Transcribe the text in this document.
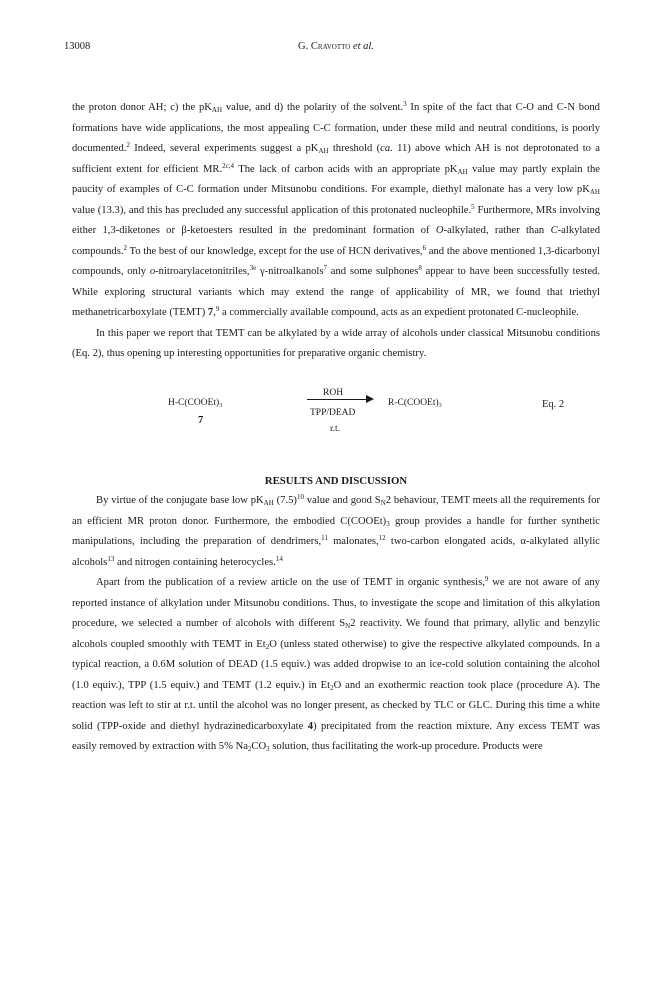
13008	G. Cravotto et al.

the proton donor AH; c) the $pK_{AH}$ value, and d) the polarity of the solvent.$^3$ In spite of the fact that C-O and C-N bond formations have wide applications, the most appealing C-C formation, under these mild and neutral conditions, is poorly documented.$^2$ Indeed, several experiments suggest a $pK_{AH}$ threshold (ca. 11) above which AH is not deprotonated to a sufficient extent for efficient MR.$^{2c,4}$ The lack of carbon acids with an appropriate $pK_{AH}$ value may partly explain the paucity of examples of C-C formation under Mitsunobu conditions. For example, diethyl malonate has a very low $pK_{AH}$ value (13.3), and this has precluded any successful application of this protonated nucleophile.$^5$ Furthermore, MRs involving either 1,3-diketones or β-ketoesters resulted in the predominant formation of O-alkylated, rather than C-alkylated compounds.$^2$ To the best of our knowledge, except for the use of HCN derivatives,$^6$ and the above mentioned 1,3-dicarbonyl compounds, only o-nitroarylacetonitriles,$^{3e}$ γ-nitroalkanols$^7$ and some sulphones$^8$ appear to have been successfully tested. While exploring structural variants which may extend the range of applicability of MR, we found that triethyl methanetricarboxylate (TEMT) 7,$^9$ a commercially available compound, acts as an expedient protonated C-nucleophile.

In this paper we report that TEMT can be alkylated by a wide array of alcohols under classical Mitsunobu conditions (Eq. 2), thus opening up interesting opportunities for preparative organic chemistry.

H-C(COOEt)₃
7
ROH
TPP/DEAD
r.t.
R-C(COOEt)₃	Eq. 2
RESULTS AND DISCUSSION

By virtue of the conjugate base low $pK_{AH}$ $(7.5)^{10}$ value and good $S_N2$ behaviour, TEMT meets all the requirements for an efficient MR proton donor. Furthermore, the embodied $C(COOEt)_3$ group provides a handle for further synthetic manipulations, including the preparation of dendrimers,$^{11}$ malonates,$^{12}$ two-carbon elongated acids, α-alkylated allylic alcohols$^{13}$ and nitrogen containing heterocycles.$^{14}$

Apart from the publication of a review article on the use of TEMT in organic synthesis,$^9$ we are not aware of any reported instance of alkylation under Mitsunobu conditions. Thus, to investigate the scope and limitation of this alkylation procedure, we selected a number of alcohols with different $S_N2$ reactivity. We found that primary, allylic and benzylic alcohols coupled smoothly with TEMT in $Et_2O$ (unless stated otherwise) to give the respective alkylated compounds. In a typical reaction, a 0.6M solution of DEAD (1.5 equiv.) was added dropwise to an ice-cold solution containing the alcohol (1.0 equiv.), TPP (1.5 equiv.) and TEMT (1.2 equiv.) in $Et_2O$ and an exothermic reaction took place (procedure A). The reaction was left to stir at r.t. until the alcohol was no longer present, as checked by TLC or GLC. During this time a white solid (TPP-oxide and diethyl hydrazinedicarboxylate 4) precipitated from the reaction mixture. Any excess TEMT was easily removed by extraction with 5% $Na_2CO_3$ solution, thus facilitating the work-up procedure. Products were
